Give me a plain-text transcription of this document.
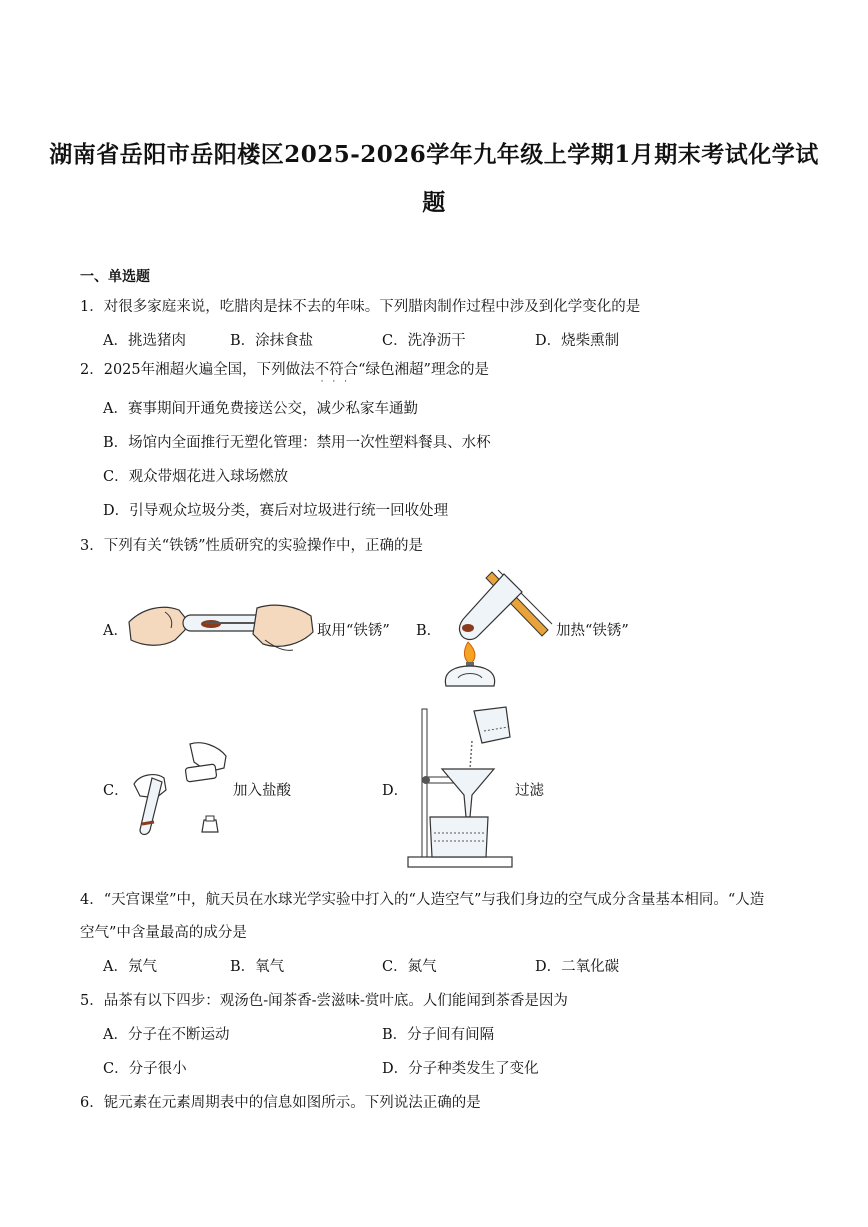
湖南省岳阳市岳阳楼区2025-2026学年九年级上学期1月期末考试化学试
题
一、单选题
1．对很多家庭来说，吃腊肉是抹不去的年味。下列腊肉制作过程中涉及到化学变化的是
A．挑选猪肉	B．涂抹食盐	C．洗净沥干	D．烧柴熏制
2．2025年湘超火遍全国，下列做法不符合 · · ·“绿色湘超”理念的是
A．赛事期间开通免费接送公交，减少私家车通勤
B．场馆内全面推行无塑化管理：禁用一次性塑料餐具、水杯
C．观众带烟花进入球场燃放
D．引导观众垃圾分类，赛后对垃圾进行统一回收处理
3．下列有关“铁锈”性质研究的实验操作中，正确的是
A．	取用“铁锈” B．	加热“铁锈”
C．	加入盐酸	D．	过滤
4．“天宫课堂”中，航天员在水球光学实验中打入的“人造空气”与我们身边的空气成分含量基本相同。“人造
空气”中含量最高的成分是
A．氖气	B．氧气	C．氮气	D．二氧化碳
5．品茶有以下四步：观汤色-闻茶香-尝滋味-赏叶底。人们能闻到茶香是因为
A．分子在不断运动	B．分子间有间隔
C．分子很小	D．分子种类发生了变化
6．铌元素在元素周期表中的信息如图所示。下列说法正确的是
